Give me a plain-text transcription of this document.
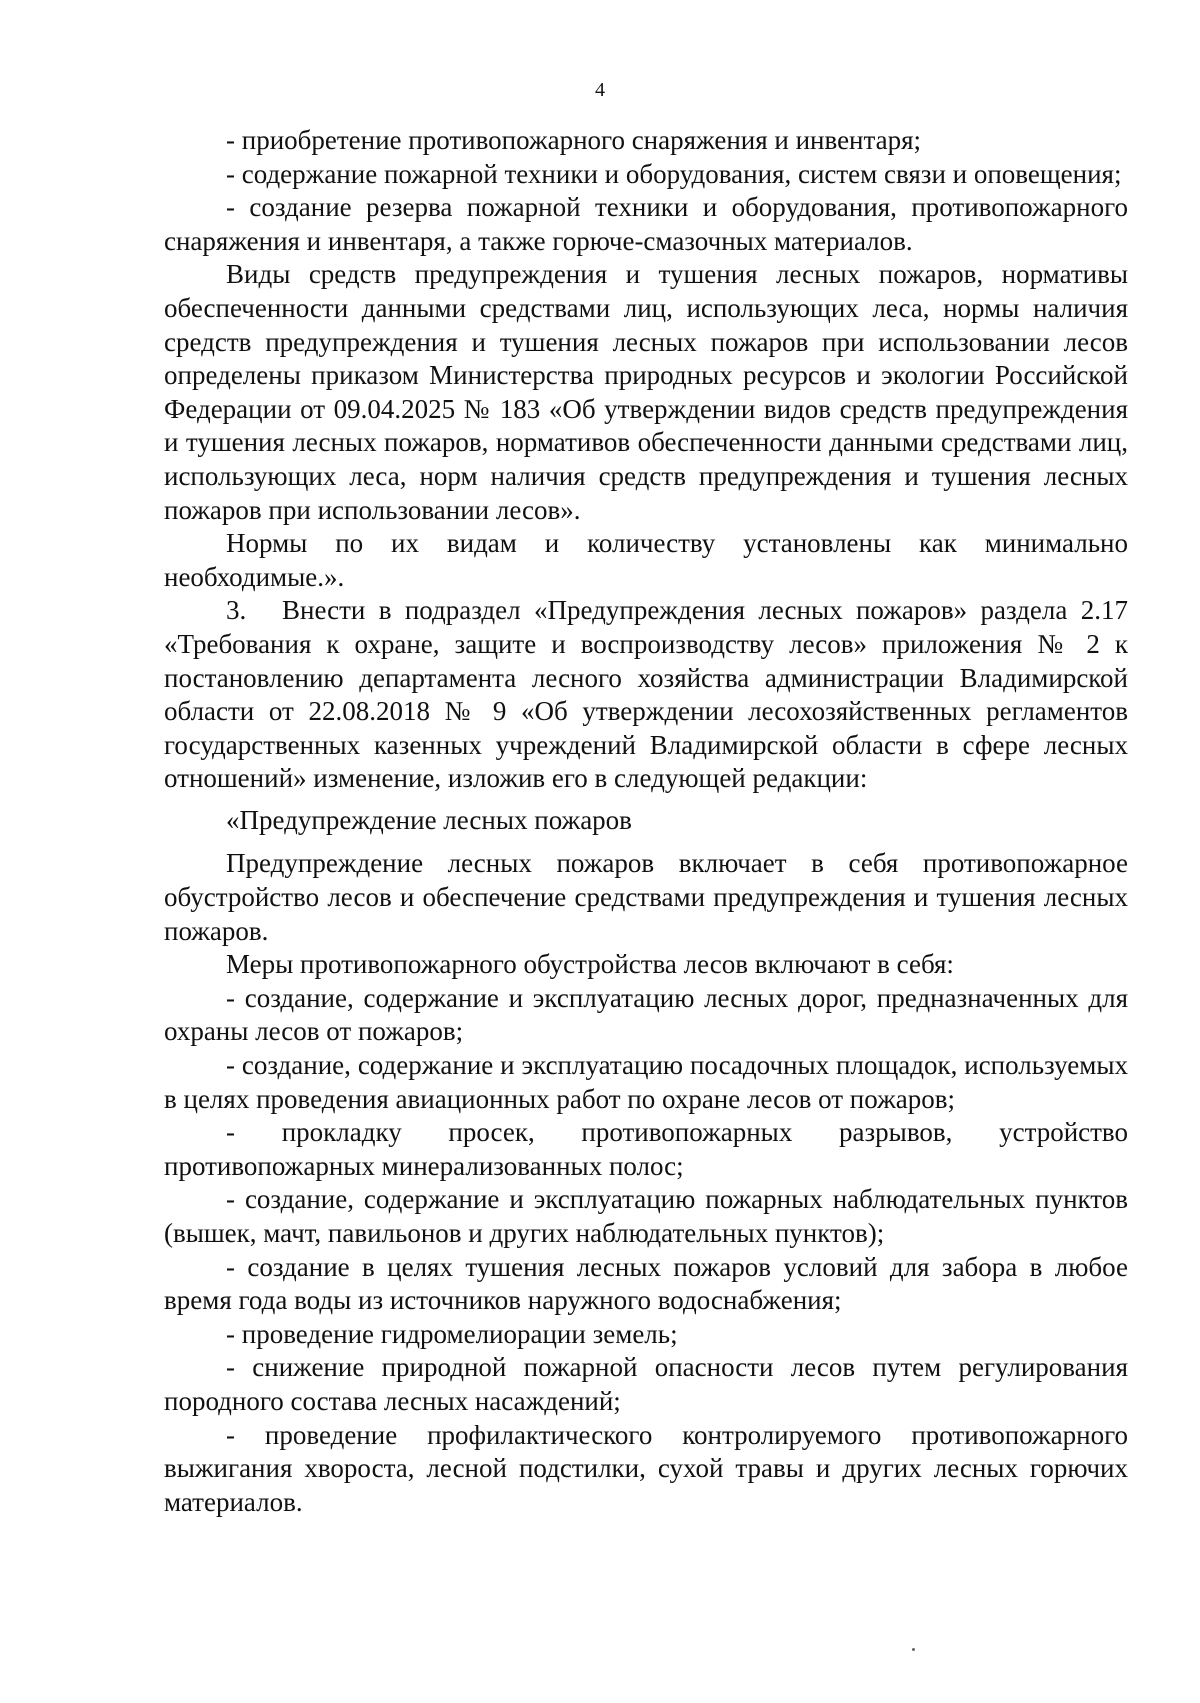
4

- приобретение противопожарного снаряжения и инвентаря;

- содержание пожарной техники и оборудования, систем связи и оповещения;

- создание резерва пожарной техники и оборудования, противопожарного снаряжения и инвентаря, а также горюче-смазочных материалов.

Виды средств предупреждения и тушения лесных пожаров, нормативы обеспеченности данными средствами лиц, использующих леса, нормы наличия средств предупреждения и тушения лесных пожаров при использовании лесов определены приказом Министерства природных ресурсов и экологии Российской Федерации от 09.04.2025 № 183 «Об утверждении видов средств предупреждения и тушения лесных пожаров, нормативов обеспеченности данными средствами лиц, использующих леса, норм наличия средств предупреждения и тушения лесных пожаров при использовании лесов».

Нормы по их видам и количеству установлены как минимально необходимые.».

3. Внести в подраздел «Предупреждения лесных пожаров» раздела 2.17 «Требования к охране, защите и воспроизводству лесов» приложения № 2 к постановлению департамента лесного хозяйства администрации Владимирской области от 22.08.2018 № 9 «Об утверждении лесохозяйственных регламентов государственных казенных учреждений Владимирской области в сфере лесных отношений» изменение, изложив его в следующей редакции:

«Предупреждение лесных пожаров

Предупреждение лесных пожаров включает в себя противопожарное обустройство лесов и обеспечение средствами предупреждения и тушения лесных пожаров.

Меры противопожарного обустройства лесов включают в себя:

- создание, содержание и эксплуатацию лесных дорог, предназначенных для охраны лесов от пожаров;

- создание, содержание и эксплуатацию посадочных площадок, используемых в целях проведения авиационных работ по охране лесов от пожаров;

- прокладку просек, противопожарных разрывов, устройство противопожарных минерализованных полос;

- создание, содержание и эксплуатацию пожарных наблюдательных пунктов (вышек, мачт, павильонов и других наблюдательных пунктов);

- создание в целях тушения лесных пожаров условий для забора в любое время года воды из источников наружного водоснабжения;

- проведение гидромелиорации земель;

- снижение природной пожарной опасности лесов путем регулирования породного состава лесных насаждений;

- проведение профилактического контролируемого противопожарного выжигания хвороста, лесной подстилки, сухой травы и других лесных горючих материалов.
